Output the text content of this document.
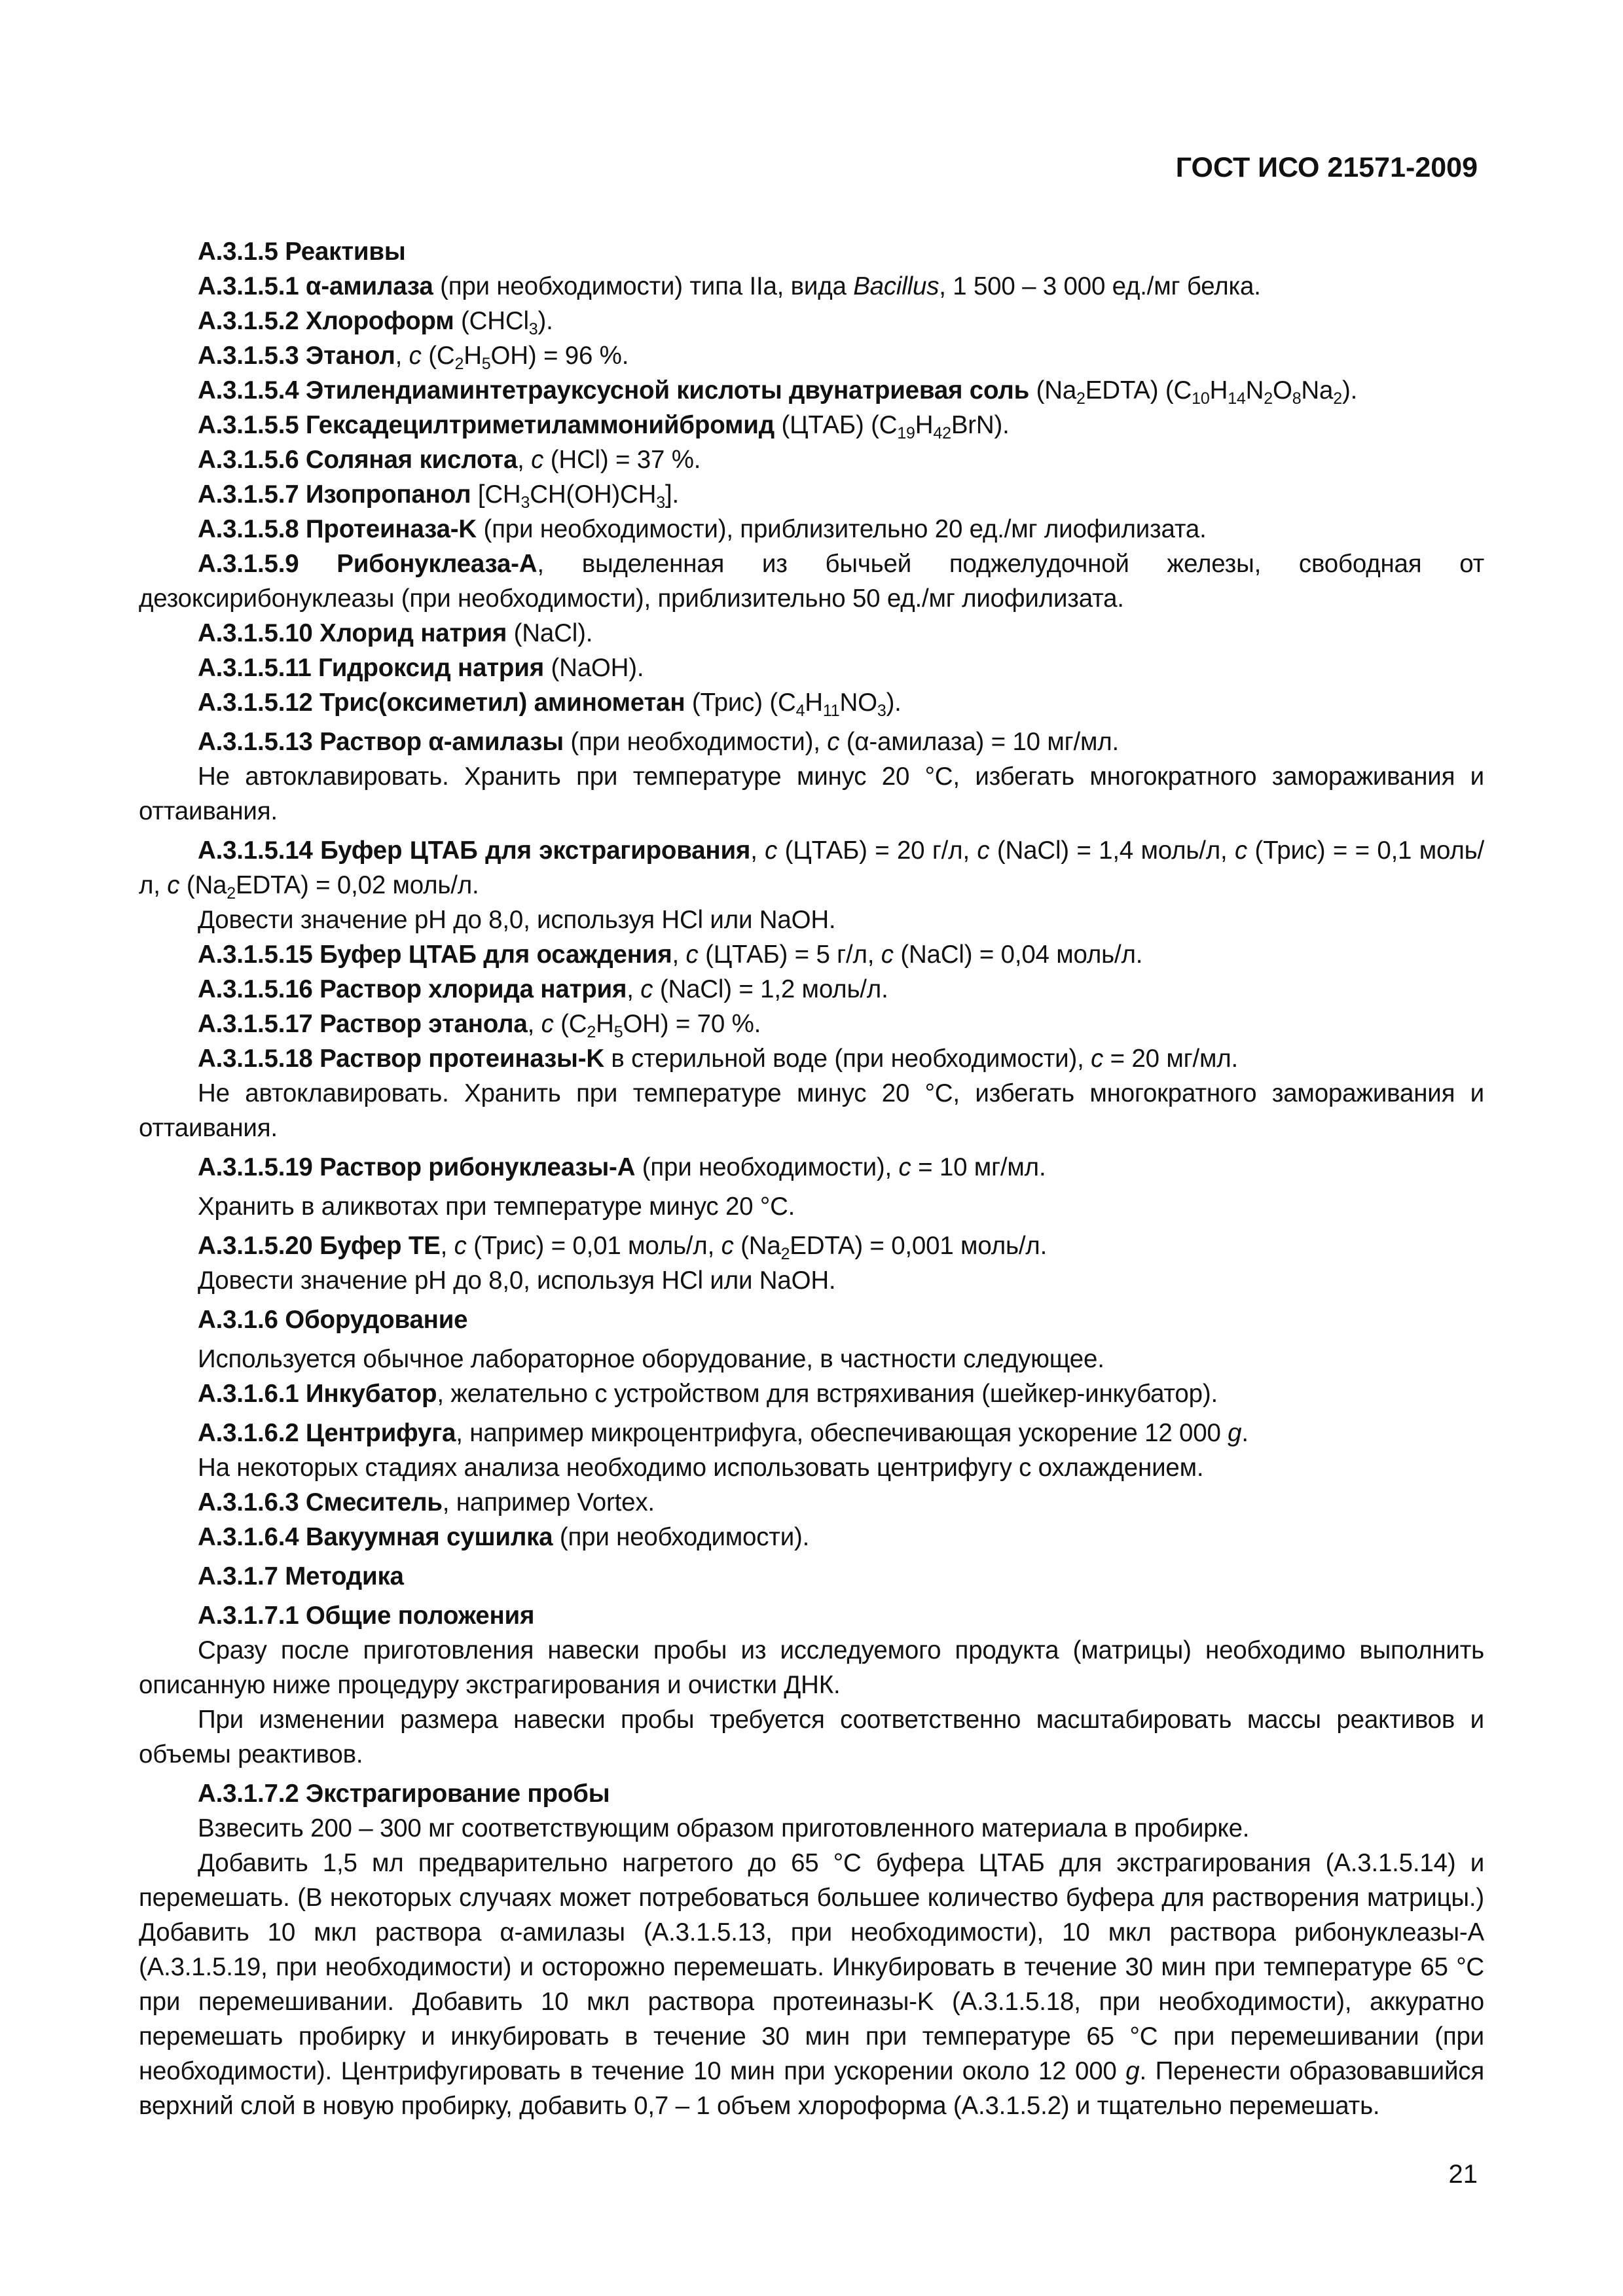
ГОСТ ИСО 21571-2009

А.3.1.5 Реактивы

А.3.1.5.1 α-амилаза (при необходимости) типа IIa, вида Bacillus, 1 500 – 3 000 ед./мг белка.

А.3.1.5.2 Хлороформ (CHCl$_3$).

А.3.1.5.3 Этанол, c $(C_2H_5OH) = 96$ %.

А.3.1.5.4 Этилендиаминтетрауксусной кислоты двунатриевая соль $(Na_2EDTA)$ $(C_{10}H_{14}N_2O_8Na_2)$.

А.3.1.5.5 Гексадецилтриметиламмонийбромид (ЦТАБ) $(C_{19}H_{42}BrN)$.

А.3.1.5.6 Соляная кислота, c (HCl) = 37 %.

А.3.1.5.7 Изопропанол $[CH_3CH(OH)CH_3]$.

А.3.1.5.8 Протеиназа-K (при необходимости), приблизительно 20 ед./мг лиофилизата.

А.3.1.5.9 Рибонуклеаза-А, выделенная из бычьей поджелудочной железы, свободная от дезоксирибонуклеазы (при необходимости), приблизительно 50 ед./мг лиофилизата.

А.3.1.5.10 Хлорид натрия (NaCl).

А.3.1.5.11 Гидроксид натрия (NaOH).

А.3.1.5.12 Трис(оксиметил) аминометан (Трис) $(C_4H_{11}NO_3)$.

А.3.1.5.13 Раствор α-амилазы (при необходимости), c (α-амилаза) = 10 мг/мл.

Не автоклавировать. Хранить при температуре минус 20 °С, избегать многократного замораживания и оттаивания.

А.3.1.5.14 Буфер ЦТАБ для экстрагирования, c (ЦТАБ) = 20 г/л, c (NaCl) = 1,4 моль/л, c (Трис) = = 0,1 моль/л, c $(Na_2EDTA) = 0,02$ моль/л.

Довести значение pH до 8,0, используя HCl или NaOH.

А.3.1.5.15 Буфер ЦТАБ для осаждения, c (ЦТАБ) = 5 г/л, c (NaCl) = 0,04 моль/л.

А.3.1.5.16 Раствор хлорида натрия, c (NaCl) = 1,2 моль/л.

А.3.1.5.17 Раствор этанола, c $(C_2H_5OH) = 70$ %.

А.3.1.5.18 Раствор протеиназы-K в стерильной воде (при необходимости), c = 20 мг/мл.

Не автоклавировать. Хранить при температуре минус 20 °С, избегать многократного замораживания и оттаивания.

А.3.1.5.19 Раствор рибонуклеазы-А (при необходимости), c = 10 мг/мл.

Хранить в аликвотах при температуре минус 20 °С.

А.3.1.5.20 Буфер ТЕ, c (Трис) = 0,01 моль/л, c $(Na_2EDTA) = 0,001$ моль/л.

Довести значение pH до 8,0, используя HCl или NaOH.

А.3.1.6 Оборудование

Используется обычное лабораторное оборудование, в частности следующее.

А.3.1.6.1 Инкубатор, желательно с устройством для встряхивания (шейкер-инкубатор).

А.3.1.6.2 Центрифуга, например микроцентрифуга, обеспечивающая ускорение 12 000 g.

На некоторых стадиях анализа необходимо использовать центрифугу с охлаждением.

А.3.1.6.3 Смеситель, например Vortex.

А.3.1.6.4 Вакуумная сушилка (при необходимости).

А.3.1.7 Методика

А.3.1.7.1 Общие положения

Сразу после приготовления навески пробы из исследуемого продукта (матрицы) необходимо выполнить описанную ниже процедуру экстрагирования и очистки ДНК.

При изменении размера навески пробы требуется соответственно масштабировать массы реактивов и объемы реактивов.

А.3.1.7.2 Экстрагирование пробы

Взвесить 200 – 300 мг соответствующим образом приготовленного материала в пробирке.

Добавить 1,5 мл предварительно нагретого до 65 °С буфера ЦТАБ для экстрагирования (А.3.1.5.14) и перемешать. (В некоторых случаях может потребоваться большее количество буфера для растворения матрицы.) Добавить 10 мкл раствора α-амилазы (А.3.1.5.13, при необходимости), 10 мкл раствора рибонуклеазы-А (А.3.1.5.19, при необходимости) и осторожно перемешать. Инкубировать в течение 30 мин при температуре 65 °С при перемешивании. Добавить 10 мкл раствора протеиназы-K (А.3.1.5.18, при необходимости), аккуратно перемешать пробирку и инкубировать в течение 30 мин при температуре 65 °С при перемешивании (при необходимости). Центрифугировать в течение 10 мин при ускорении около 12 000 g. Перенести образовавшийся верхний слой в новую пробирку, добавить 0,7 – 1 объем хлороформа (А.3.1.5.2) и тщательно перемешать.

21
